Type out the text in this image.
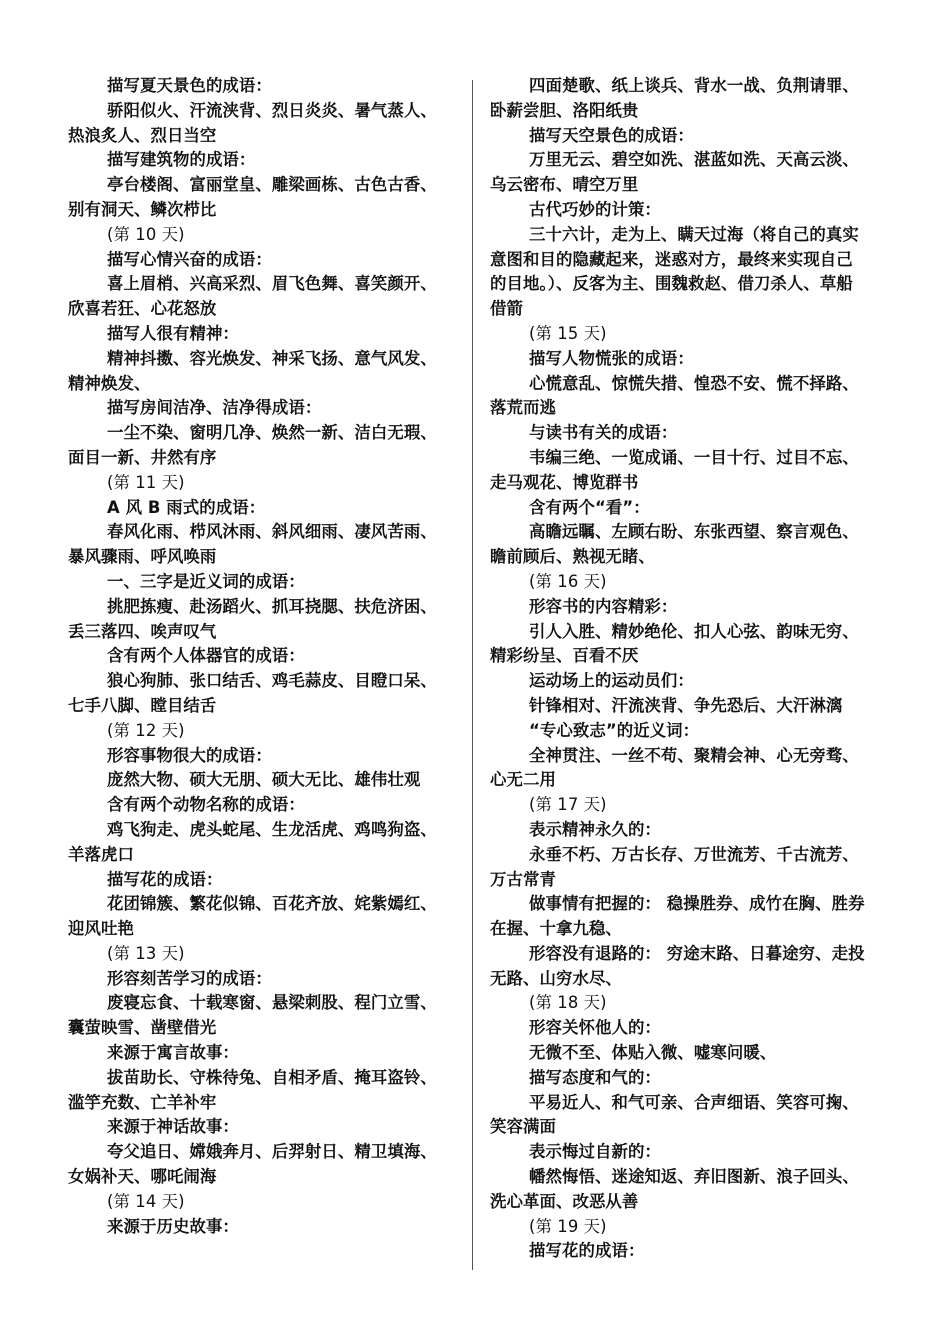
描写夏天景色的成语：
骄阳似火、汗流浃背、烈日炎炎、暑气蒸人、
热浪炙人、烈日当空
描写建筑物的成语：
亭台楼阁、富丽堂皇、雕梁画栋、古色古香、
别有洞天、鳞次栉比
(第 10 天)
描写心情兴奋的成语：
喜上眉梢、兴高采烈、眉飞色舞、喜笑颜开、
欣喜若狂、心花怒放
描写人很有精神：
精神抖擞、容光焕发、神采飞扬、意气风发、
精神焕发、
描写房间洁净、洁净得成语：
一尘不染、窗明几净、焕然一新、洁白无瑕、
面目一新、井然有序
(第 11 天)
A 风 B 雨式的成语：
春风化雨、栉风沐雨、斜风细雨、凄风苦雨、
暴风骤雨、呼风唤雨
一、三字是近义词的成语：
挑肥拣瘦、赴汤蹈火、抓耳挠腮、扶危济困、
丢三落四、唉声叹气
含有两个人体器官的成语：
狼心狗肺、张口结舌、鸡毛蒜皮、目瞪口呆、
七手八脚、瞠目结舌
(第 12 天)
形容事物很大的成语：
庞然大物、硕大无朋、硕大无比、雄伟壮观
含有两个动物名称的成语：
鸡飞狗走、虎头蛇尾、生龙活虎、鸡鸣狗盗、
羊落虎口
描写花的成语：
花团锦簇、繁花似锦、百花齐放、姹紫嫣红、
迎风吐艳
(第 13 天)
形容刻苦学习的成语：
废寝忘食、十载寒窗、悬梁刺股、程门立雪、
囊萤映雪、凿壁借光
来源于寓言故事：
拔苗助长、守株待兔、自相矛盾、掩耳盗铃、
滥竽充数、亡羊补牢
来源于神话故事：
夸父追日、嫦娥奔月、后羿射日、精卫填海、
女娲补天、哪吒闹海
(第 14 天)
来源于历史故事：
四面楚歌、纸上谈兵、背水一战、负荆请罪、
卧薪尝胆、洛阳纸贵
描写天空景色的成语：
万里无云、碧空如洗、湛蓝如洗、天高云淡、
乌云密布、晴空万里
古代巧妙的计策：
三十六计，走为上、瞒天过海（将自己的真实
意图和目的隐藏起来，迷惑对方，最终来实现自己
的目地。）、反客为主、围魏救赵、借刀杀人、草船
借箭
(第 15 天)
描写人物慌张的成语：
心慌意乱、惊慌失措、惶恐不安、慌不择路、
落荒而逃
与读书有关的成语：
韦编三绝、一览成诵、一目十行、过目不忘、
走马观花、博览群书
含有两个“看”：
高瞻远瞩、左顾右盼、东张西望、察言观色、
瞻前顾后、熟视无睹、
(第 16 天)
形容书的内容精彩：
引人入胜、精妙绝伦、扣人心弦、韵味无穷、
精彩纷呈、百看不厌
运动场上的运动员们：
针锋相对、汗流浃背、争先恐后、大汗淋漓
“专心致志”的近义词：
全神贯注、一丝不苟、聚精会神、心无旁骛、
心无二用
(第 17 天)
表示精神永久的：
永垂不朽、万古长存、万世流芳、千古流芳、
万古常青
做事情有把握的： 稳操胜券、成竹在胸、胜券
在握、十拿九稳、
形容没有退路的： 穷途末路、日暮途穷、走投
无路、山穷水尽、
(第 18 天)
形容关怀他人的：
无微不至、体贴入微、嘘寒问暖、
描写态度和气的：
平易近人、和气可亲、合声细语、笑容可掬、
笑容满面
表示悔过自新的：
幡然悔悟、迷途知返、弃旧图新、浪子回头、
洗心革面、改恶从善
(第 19 天)
描写花的成语：
